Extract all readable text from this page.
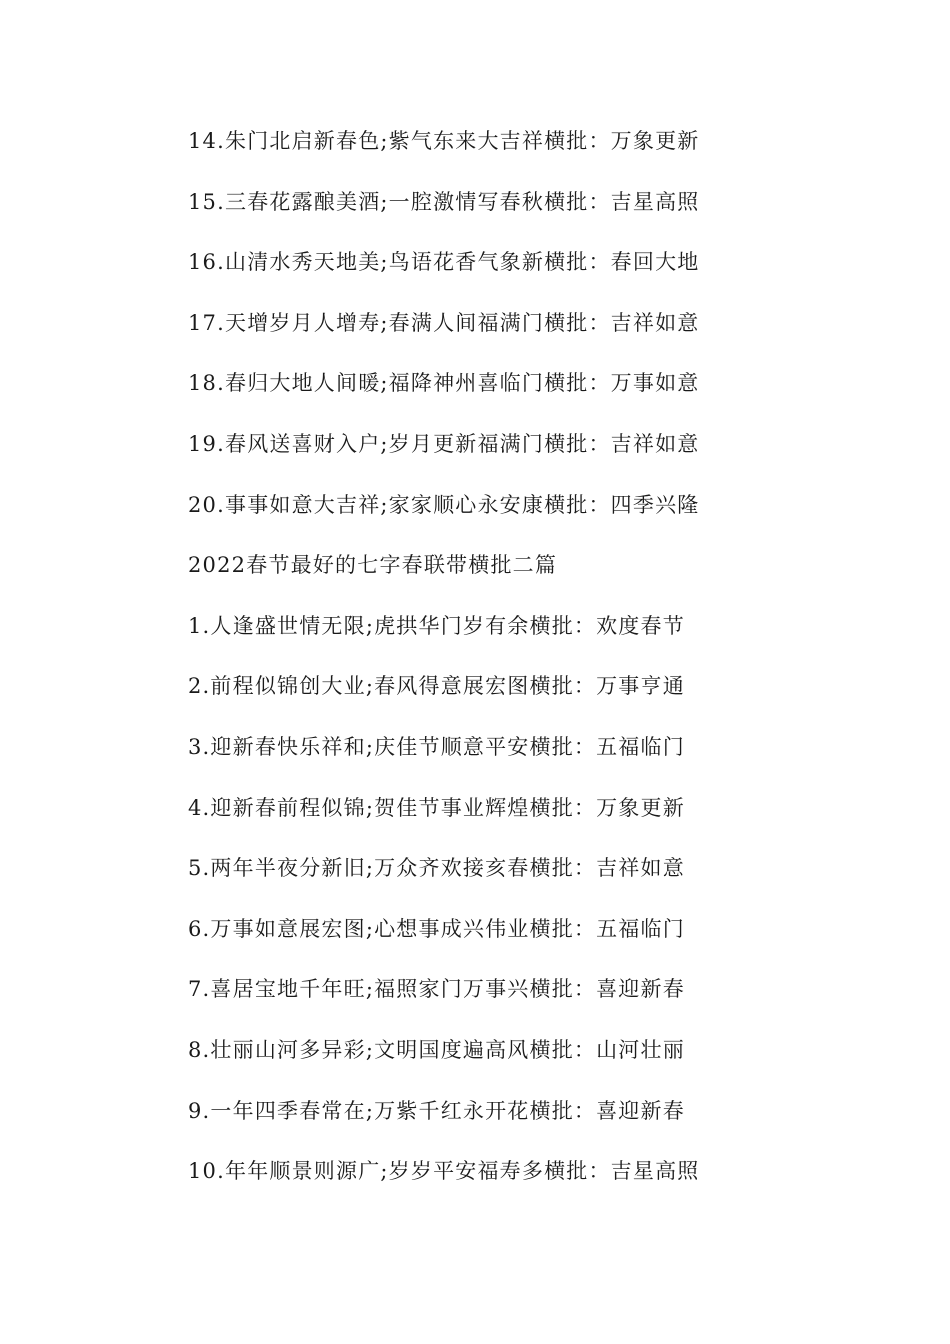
14.朱门北启新春色;紫气东来大吉祥横批：万象更新
15.三春花露酿美酒;一腔激情写春秋横批：吉星高照
16.山清水秀天地美;鸟语花香气象新横批：春回大地
17.天增岁月人增寿;春满人间福满门横批：吉祥如意
18.春归大地人间暖;福降神州喜临门横批：万事如意
19.春风送喜财入户;岁月更新福满门横批：吉祥如意
20.事事如意大吉祥;家家顺心永安康横批：四季兴隆
2022春节最好的七字春联带横批二篇
1.人逢盛世情无限;虎拱华门岁有余横批：欢度春节
2.前程似锦创大业;春风得意展宏图横批：万事亨通
3.迎新春快乐祥和;庆佳节顺意平安横批：五福临门
4.迎新春前程似锦;贺佳节事业辉煌横批：万象更新
5.两年半夜分新旧;万众齐欢接亥春横批：吉祥如意
6.万事如意展宏图;心想事成兴伟业横批：五福临门
7.喜居宝地千年旺;福照家门万事兴横批：喜迎新春
8.壮丽山河多异彩;文明国度遍高风横批：山河壮丽
9.一年四季春常在;万紫千红永开花横批：喜迎新春
10.年年顺景则源广;岁岁平安福寿多横批：吉星高照
